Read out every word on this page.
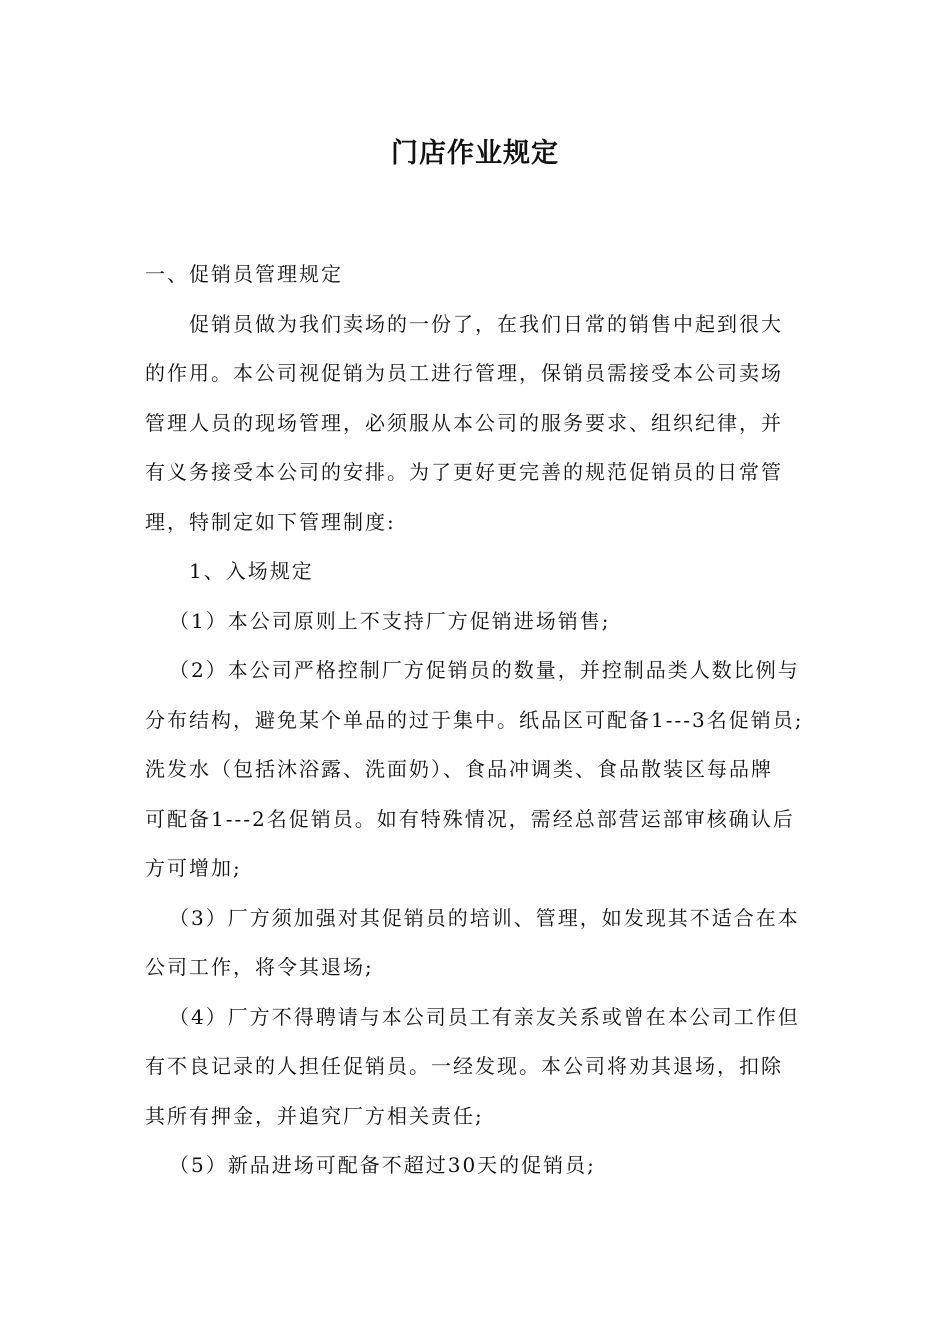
门店作业规定

一、促销员管理规定

促销员做为我们卖场的一份了，在我们日常的销售中起到很大

的作用。本公司视促销为员工进行管理，保销员需接受本公司卖场

管理人员的现场管理，必须服从本公司的服务要求、组织纪律，并

有义务接受本公司的安排。为了更好更完善的规范促销员的日常管

理，特制定如下管理制度:

1、入场规定

（1）本公司原则上不支持厂方促销进场销售;

（2）本公司严格控制厂方促销员的数量，并控制品类人数比例与

分布结构，避免某个单品的过于集中。纸品区可配备1---3名促销员;

洗发水（包括沐浴露、洗面奶）、食品冲调类、食品散装区每品牌

可配备1---2名促销员。如有特殊情况，需经总部营运部审核确认后

方可增加;

（3）厂方须加强对其促销员的培训、管理，如发现其不适合在本

公司工作，将令其退场;

（4）厂方不得聘请与本公司员工有亲友关系或曾在本公司工作但

有不良记录的人担任促销员。一经发现。本公司将劝其退场，扣除

其所有押金，并追究厂方相关责任;

（5）新品进场可配备不超过30天的促销员;
